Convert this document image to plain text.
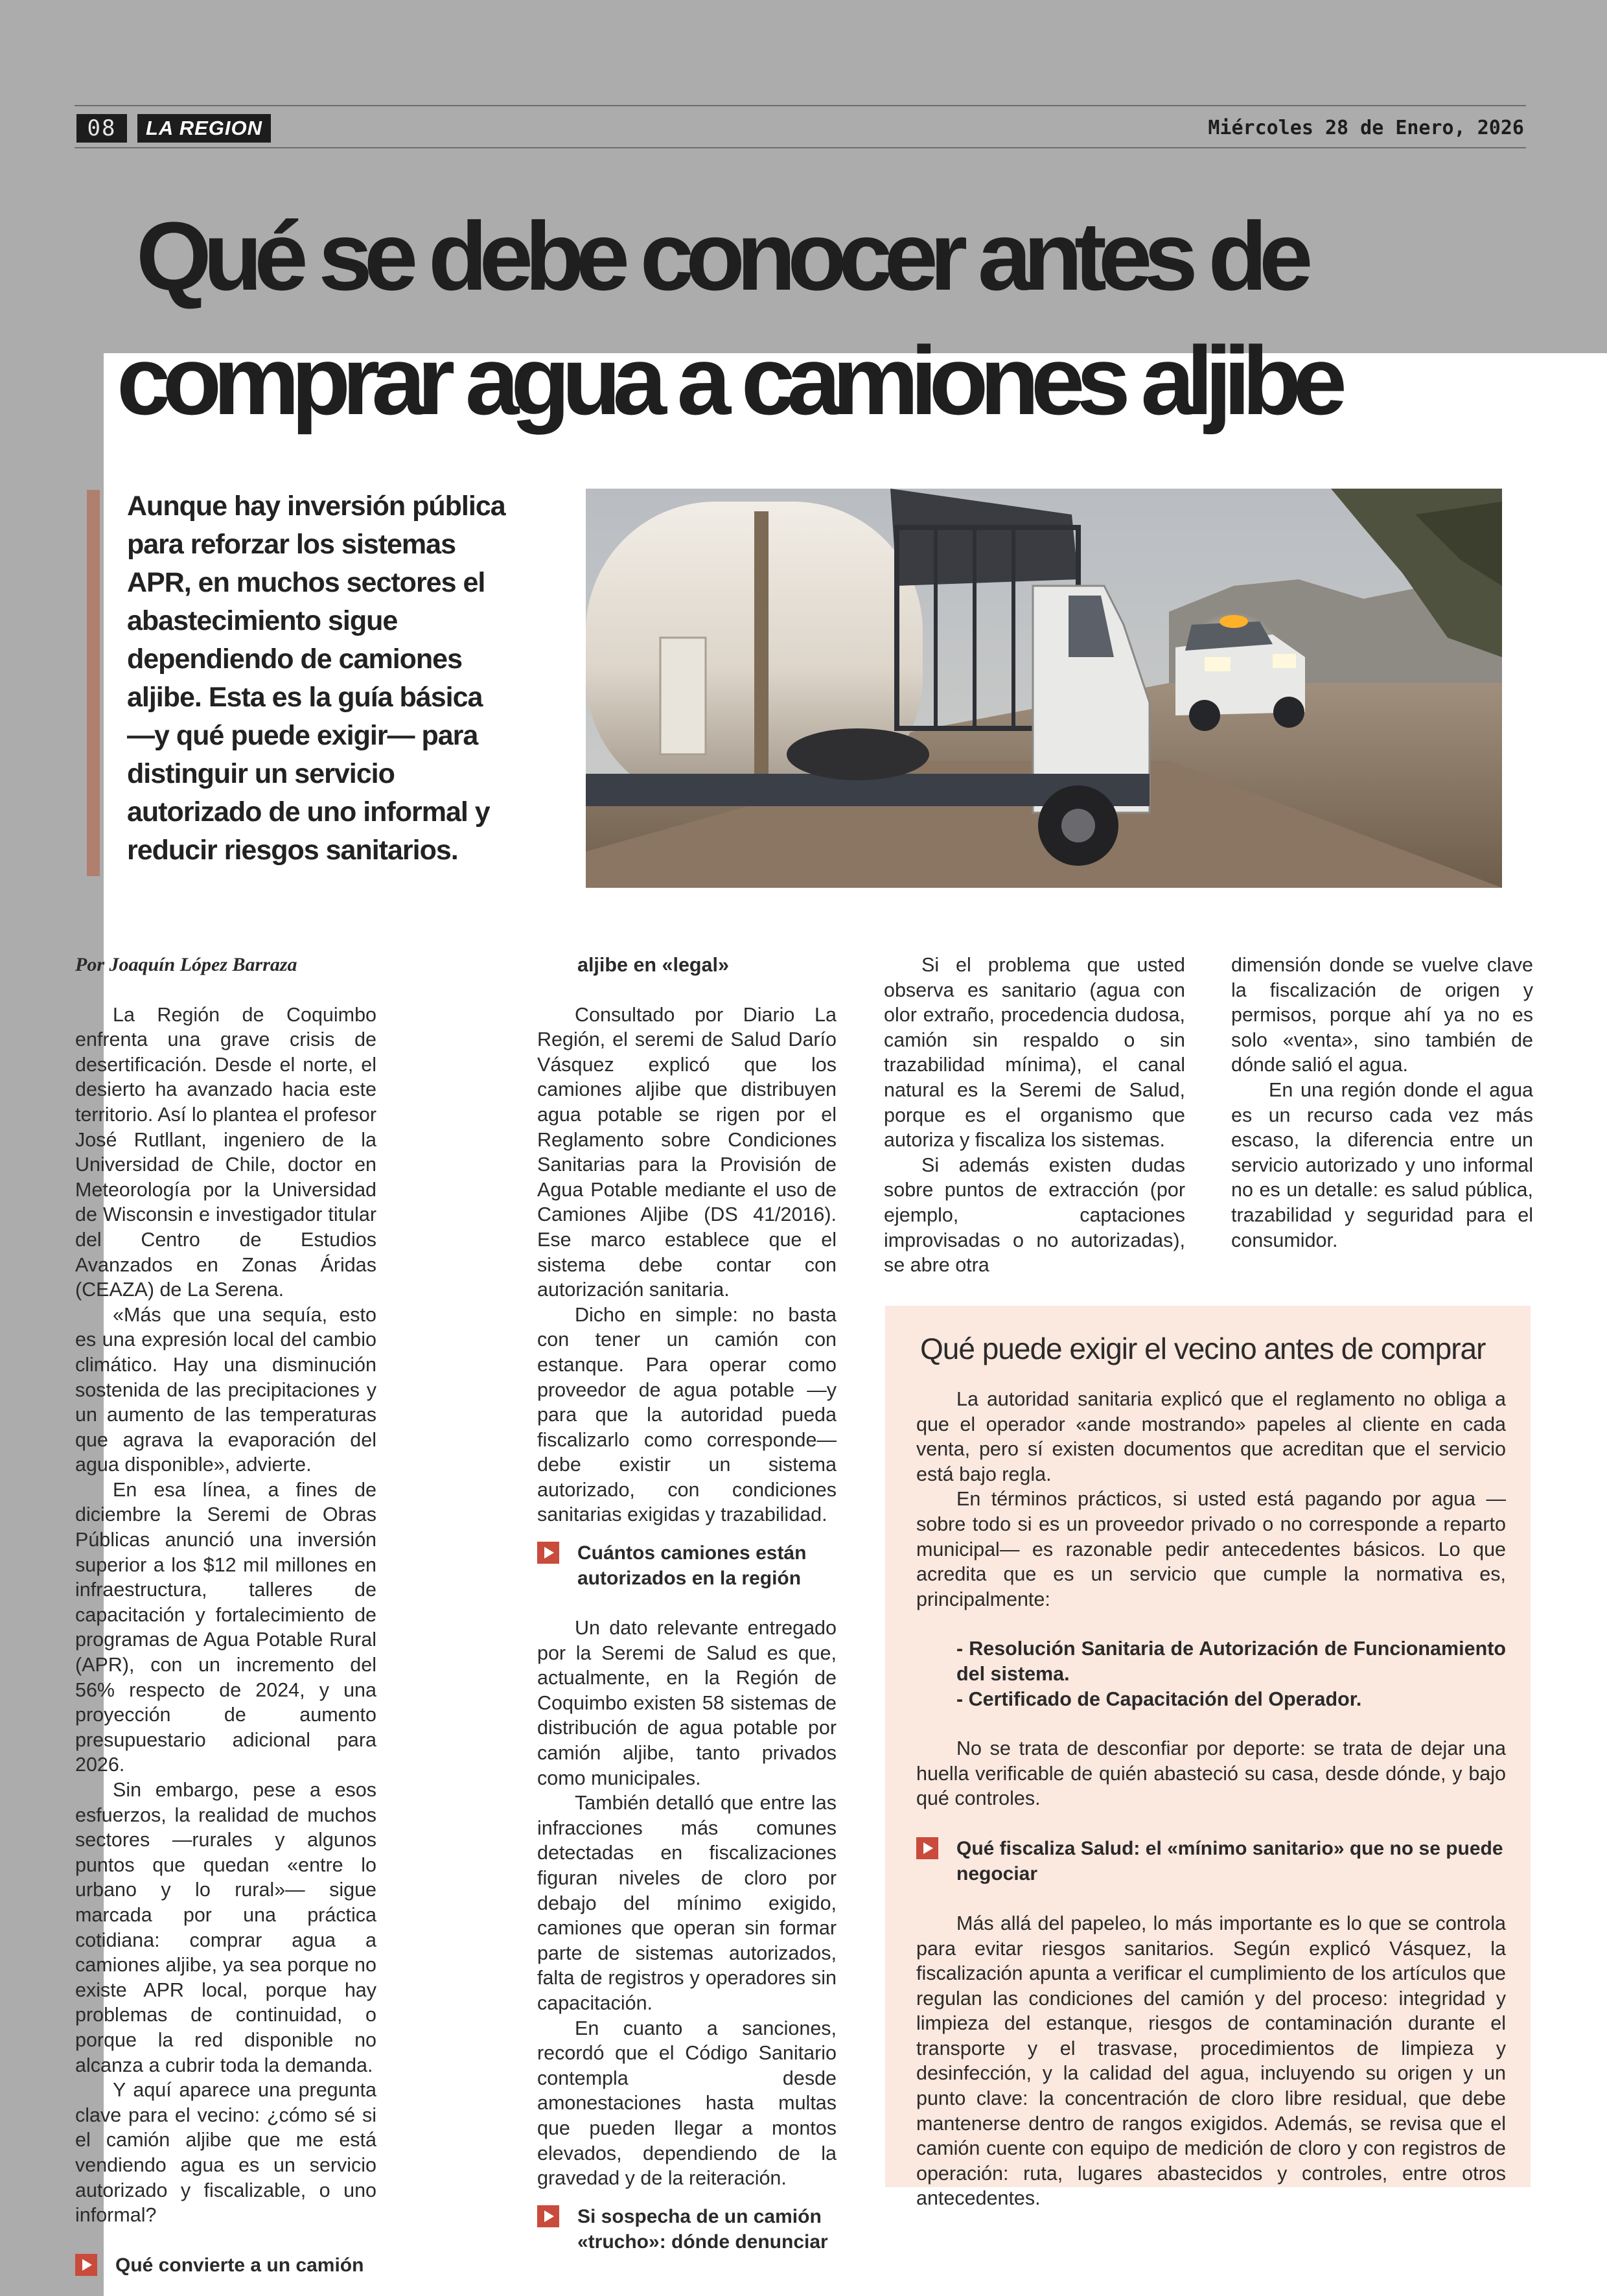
08	LA REGION	Miércoles 28 de Enero, 2026
Qué se debe conocer antes de
comprar agua a camiones aljibe

Aunque hay inversión pública para reforzar los sistemas APR, en muchos sectores el abastecimiento sigue dependiendo de camiones aljibe. Esta es la guía básica —y qué puede exigir— para distinguir un servicio autorizado de uno informal y reducir riesgos sanitarios.

Por Joaquín López Barraza

La Región de Coquimbo enfrenta una grave crisis de desertificación. Desde el norte, el desierto ha avanzado hacia este territorio. Así lo plantea el profesor José Rutllant, ingeniero de la Universidad de Chile, doctor en Meteorología por la Universidad de Wisconsin e investigador titular del Centro de Estudios Avanzados en Zonas Áridas (CEAZA) de La Serena.

«Más que una sequía, esto es una expresión local del cambio climático. Hay una disminución sostenida de las precipitaciones y un aumento de las temperaturas que agrava la evaporación del agua disponible», advierte.

En esa línea, a fines de diciembre la Seremi de Obras Públicas anunció una inversión superior a los $12 mil millones en infraestructura, talleres de capacitación y fortalecimiento de programas de Agua Potable Rural (APR), con un incremento del 56% respecto de 2024, y una proyección de aumento presupuestario adicional para 2026.

Sin embargo, pese a esos esfuerzos, la realidad de muchos sectores —rurales y algunos puntos que quedan «entre lo urbano y lo rural»— sigue marcada por una práctica cotidiana: comprar agua a camiones aljibe, ya sea porque no existe APR local, porque hay problemas de continuidad, o porque la red disponible no alcanza a cubrir toda la demanda.

Y aquí aparece una pregunta clave para el vecino: ¿cómo sé si el camión aljibe que me está vendiendo agua es un servicio autorizado y fiscalizable, o uno informal?

Qué convierte a un camión

aljibe en «legal»

Consultado por Diario La Región, el seremi de Salud Darío Vásquez explicó que los camiones aljibe que distribuyen agua potable se rigen por el Reglamento sobre Condiciones Sanitarias para la Provisión de Agua Potable mediante el uso de Camiones Aljibe (DS 41/2016). Ese marco establece que el sistema debe contar con autorización sanitaria.

Dicho en simple: no basta con tener un camión con estanque. Para operar como proveedor de agua potable —y para que la autoridad pueda fiscalizarlo como corresponde— debe existir un sistema autorizado, con condiciones sanitarias exigidas y trazabilidad.

Cuántos camiones están autorizados en la región

Un dato relevante entregado por la Seremi de Salud es que, actualmente, en la Región de Coquimbo existen 58 sistemas de distribución de agua potable por camión aljibe, tanto privados como municipales.

También detalló que entre las infracciones más comunes detectadas en fiscalizaciones figuran niveles de cloro por debajo del mínimo exigido, camiones que operan sin formar parte de sistemas autorizados, falta de registros y operadores sin capacitación.

En cuanto a sanciones, recordó que el Código Sanitario contempla desde amonestaciones hasta multas que pueden llegar a montos elevados, dependiendo de la gravedad y de la reiteración.

Si sospecha de un camión «trucho»: dónde denunciar

Si el problema que usted observa es sanitario (agua con olor extraño, procedencia dudosa, camión sin respaldo o sin trazabilidad mínima), el canal natural es la Seremi de Salud, porque es el organismo que autoriza y fiscaliza los sistemas.

Si además existen dudas sobre puntos de extracción (por ejemplo, captaciones improvisadas o no autorizadas), se abre otra

dimensión donde se vuelve clave la fiscalización de origen y permisos, porque ahí ya no es solo «venta», sino también de dónde salió el agua.

En una región donde el agua es un recurso cada vez más escaso, la diferencia entre un servicio autorizado y uno informal no es un detalle: es salud pública, trazabilidad y seguridad para el consumidor.

Qué puede exigir el vecino antes de comprar

La autoridad sanitaria explicó que el reglamento no obliga a que el operador «ande mostrando» papeles al cliente en cada venta, pero sí existen documentos que acreditan que el servicio está bajo regla.

En términos prácticos, si usted está pagando por agua —sobre todo si es un proveedor privado o no corresponde a reparto municipal— es razonable pedir antecedentes básicos. Lo que acredita que es un servicio que cumple la normativa es, principalmente:

- Resolución Sanitaria de Autorización de Funcionamiento del sistema.

- Certificado de Capacitación del Operador.

No se trata de desconfiar por deporte: se trata de dejar una huella verificable de quién abasteció su casa, desde dónde, y bajo qué controles.

Qué fiscaliza Salud: el «mínimo sanitario» que no se puede negociar

Más allá del papeleo, lo más importante es lo que se controla para evitar riesgos sanitarios. Según explicó Vásquez, la fiscalización apunta a verificar el cumplimiento de los artículos que regulan las condiciones del camión y del proceso: integridad y limpieza del estanque, riesgos de contaminación durante el transporte y el trasvase, procedimientos de limpieza y desinfección, y la calidad del agua, incluyendo su origen y un punto clave: la concentración de cloro libre residual, que debe mantenerse dentro de rangos exigidos. Además, se revisa que el camión cuente con equipo de medición de cloro y con registros de operación: ruta, lugares abastecidos y controles, entre otros antecedentes.
